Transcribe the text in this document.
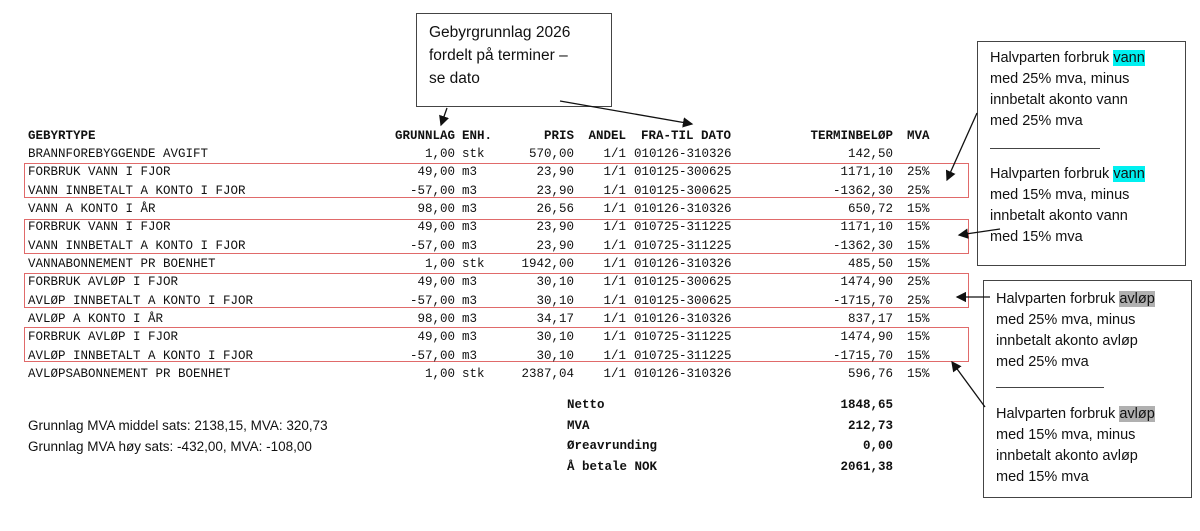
Gebyrgrunnlag 2026
fordelt på terminer –
se dato
Halvparten forbruk vann
med 25% mva, minus
innbetalt akonto vann
med 25% mva
Halvparten forbruk vann
med 15% mva, minus
innbetalt akonto vann
med 15% mva
Halvparten forbruk avløp
med 25% mva, minus
innbetalt akonto avløp
med 25% mva
Halvparten forbruk avløp
med 15% mva, minus
innbetalt akonto avløp
med 15% mva
GEBYRTYPE	GRUNNLAG ENH.	PRIS	ANDEL FRA-TIL DATO	TERMINBELØP MVA
BRANNFOREBYGGENDE AVGIFT	1,00 stk	570,00	1/1 010126-310326	142,50
FORBRUK VANN I FJOR	49,00 m3	23,90	1/1 010125-300625	1171,10 25%
VANN INNBETALT A KONTO I FJOR	-57,00 m3	23,90	1/1 010125-300625	-1362,30 25%
VANN A KONTO I ÅR	98,00 m3	26,56	1/1 010126-310326	650,72 15%
FORBRUK VANN I FJOR	49,00 m3	23,90	1/1 010725-311225	1171,10 15%
VANN INNBETALT A KONTO I FJOR	-57,00 m3	23,90	1/1 010725-311225	-1362,30 15%
VANNABONNEMENT PR BOENHET	1,00 stk	1942,00	1/1 010126-310326	485,50 15%
FORBRUK AVLØP I FJOR	49,00 m3	30,10	1/1 010125-300625	1474,90 25%
AVLØP INNBETALT A KONTO I FJOR	-57,00 m3	30,10	1/1 010125-300625	-1715,70 25%
AVLØP A KONTO I ÅR	98,00 m3	34,17	1/1 010126-310326	837,17 15%
FORBRUK AVLØP I FJOR	49,00 m3	30,10	1/1 010725-311225	1474,90 15%
AVLØP INNBETALT A KONTO I FJOR	-57,00 m3	30,10	1/1 010725-311225	-1715,70 15%
AVLØPSABONNEMENT PR BOENHET	1,00 stk	2387,04	1/1 010126-310326	596,76 15%
Netto	1848,65
MVA	212,73
Øreavrunding	0,00
Å betale NOK	2061,38
Grunnlag MVA middel sats: 2138,15, MVA: 320,73
Grunnlag MVA høy sats: -432,00, MVA: -108,00
